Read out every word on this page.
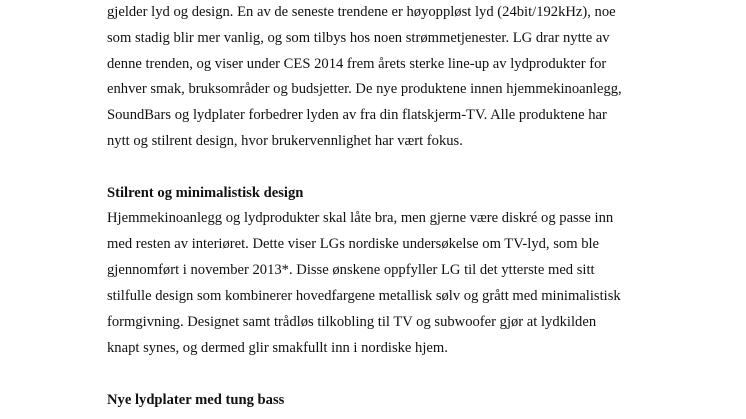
gjelder lyd og design. En av de seneste trendene er høyoppløst lyd (24bit/192kHz), noe
som stadig blir mer vanlig, og som tilbys hos noen strømmetjenester. LG drar nytte av
denne trenden, og viser under CES 2014 frem årets sterke line-up av lydprodukter for
enhver smak, bruksområder og budsjetter. De nye produktene innen hjemmekinoanlegg,
SoundBars og lydplater forbedrer lyden av fra din flatskjerm-TV. Alle produktene har
nytt og stilrent design, hvor brukervennlighet har vært fokus.
Stilrent og minimalistisk design
Hjemmekinoanlegg og lydprodukter skal låte bra, men gjerne være diskré og passe inn
med resten av interiøret. Dette viser LGs nordiske undersøkelse om TV-lyd, som ble
gjennomført i november 2013*. Disse ønskene oppfyller LG til det ytterste med sitt
stilfulle design som kombinerer hovedfargene metallisk sølv og grått med minimalistisk
formgivning. Designet samt trådløs tilkobling til TV og subwoofer gjør at lydkilden
knapt synes, og dermed glir smakfullt inn i nordiske hjem.
Nye lydplater med tung bass
